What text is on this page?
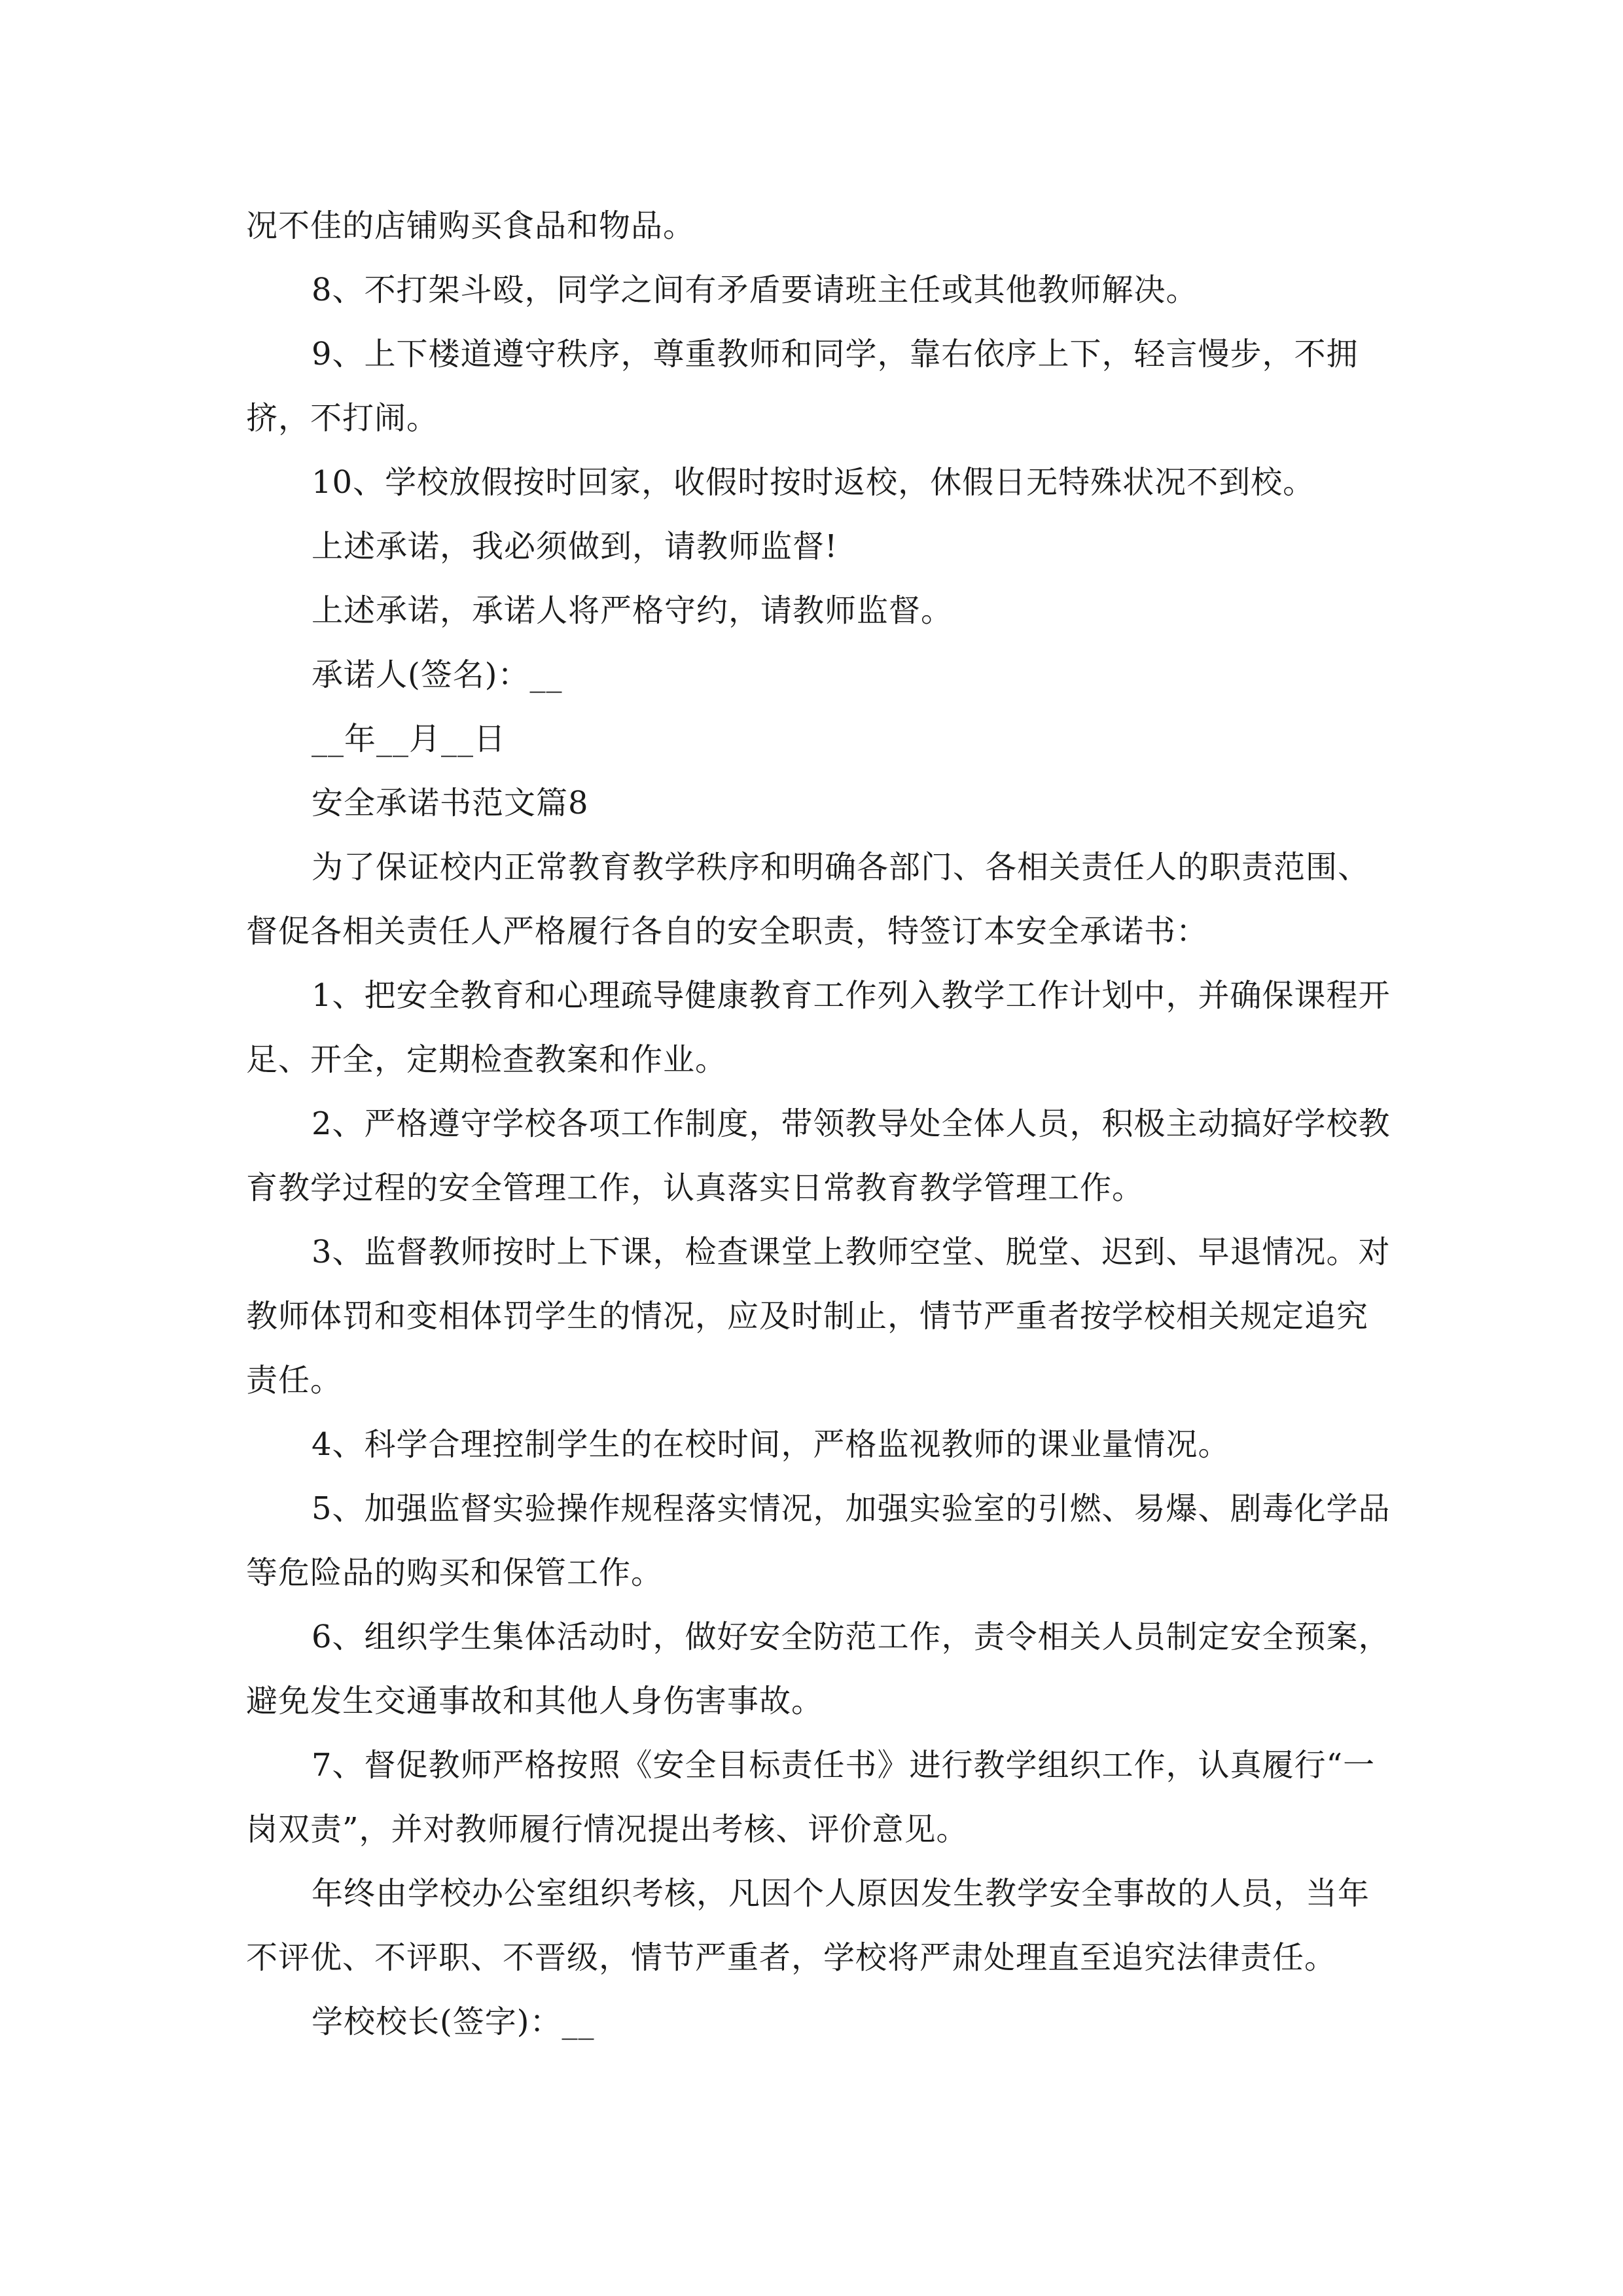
况不佳的店铺购买食品和物品。

8、不打架斗殴，同学之间有矛盾要请班主任或其他教师解决。

9、上下楼道遵守秩序，尊重教师和同学，靠右依序上下，轻言慢步，不拥挤，不打闹。

10、学校放假按时回家，收假时按时返校，休假日无特殊状况不到校。

上述承诺，我必须做到，请教师监督!

上述承诺，承诺人将严格守约，请教师监督。

承诺人(签名)：__

__年__月__日

安全承诺书范文篇8

为了保证校内正常教育教学秩序和明确各部门、各相关责任人的职责范围、督促各相关责任人严格履行各自的安全职责，特签订本安全承诺书：

1、把安全教育和心理疏导健康教育工作列入教学工作计划中，并确保课程开足、开全，定期检查教案和作业。

2、严格遵守学校各项工作制度，带领教导处全体人员，积极主动搞好学校教育教学过程的安全管理工作，认真落实日常教育教学管理工作。

3、监督教师按时上下课，检查课堂上教师空堂、脱堂、迟到、早退情况。对教师体罚和变相体罚学生的情况，应及时制止，情节严重者按学校相关规定追究责任。

4、科学合理控制学生的在校时间，严格监视教师的课业量情况。

5、加强监督实验操作规程落实情况，加强实验室的引燃、易爆、剧毒化学品等危险品的购买和保管工作。

6、组织学生集体活动时，做好安全防范工作，责令相关人员制定安全预案，避免发生交通事故和其他人身伤害事故。

7、督促教师严格按照《安全目标责任书》进行教学组织工作，认真履行“一岗双责”，并对教师履行情况提出考核、评价意见。

年终由学校办公室组织考核，凡因个人原因发生教学安全事故的人员，当年不评优、不评职、不晋级，情节严重者，学校将严肃处理直至追究法律责任。

学校校长(签字)：__
